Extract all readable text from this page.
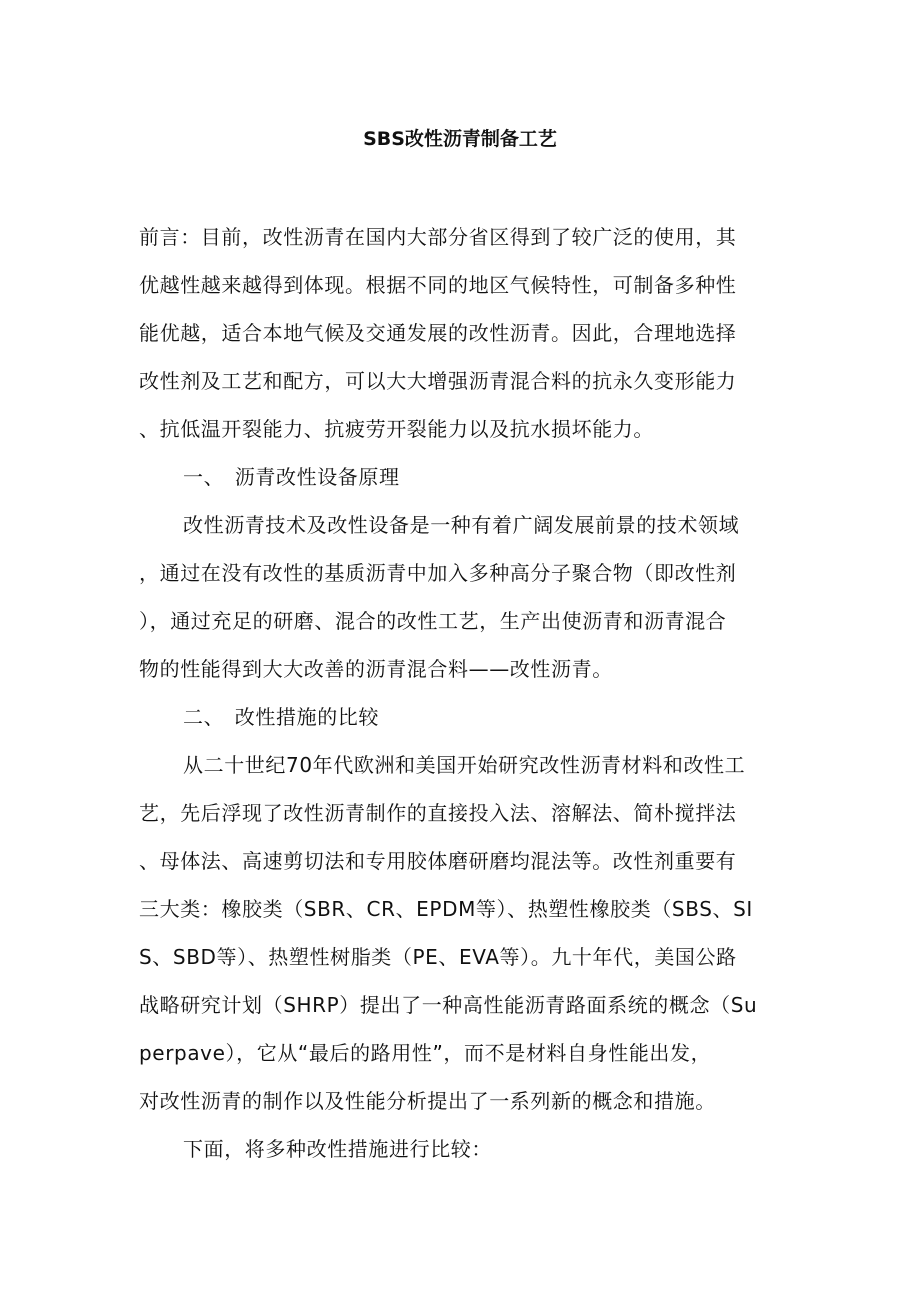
SBS改性沥青制备工艺
前言：目前，改性沥青在国内大部分省区得到了较广泛的使用，其
优越性越来越得到体现。根据不同的地区气候特性，可制备多种性
能优越，适合本地气候及交通发展的改性沥青。因此，合理地选择
改性剂及工艺和配方，可以大大增强沥青混合料的抗永久变形能力
、抗低温开裂能力、抗疲劳开裂能力以及抗水损坏能力。
一、　沥青改性设备原理
改性沥青技术及改性设备是一种有着广阔发展前景的技术领域
，通过在没有改性的基质沥青中加入多种高分子聚合物（即改性剂
），通过充足的研磨、混合的改性工艺，生产出使沥青和沥青混合
物的性能得到大大改善的沥青混合料——改性沥青。
二、　改性措施的比较
从二十世纪70年代欧洲和美国开始研究改性沥青材料和改性工
艺，先后浮现了改性沥青制作的直接投入法、溶解法、简朴搅拌法
、母体法、高速剪切法和专用胶体磨研磨均混法等。改性剂重要有
三大类：橡胶类（SBR、CR、EPDM等）、热塑性橡胶类（SBS、SI
S、SBD等）、热塑性树脂类（PE、EVA等）。九十年代，美国公路
战略研究计划（SHRP）提出了一种高性能沥青路面系统的概念（Su
perpave），它从“最后的路用性”，而不是材料自身性能出发，
对改性沥青的制作以及性能分析提出了一系列新的概念和措施。
下面，将多种改性措施进行比较：
